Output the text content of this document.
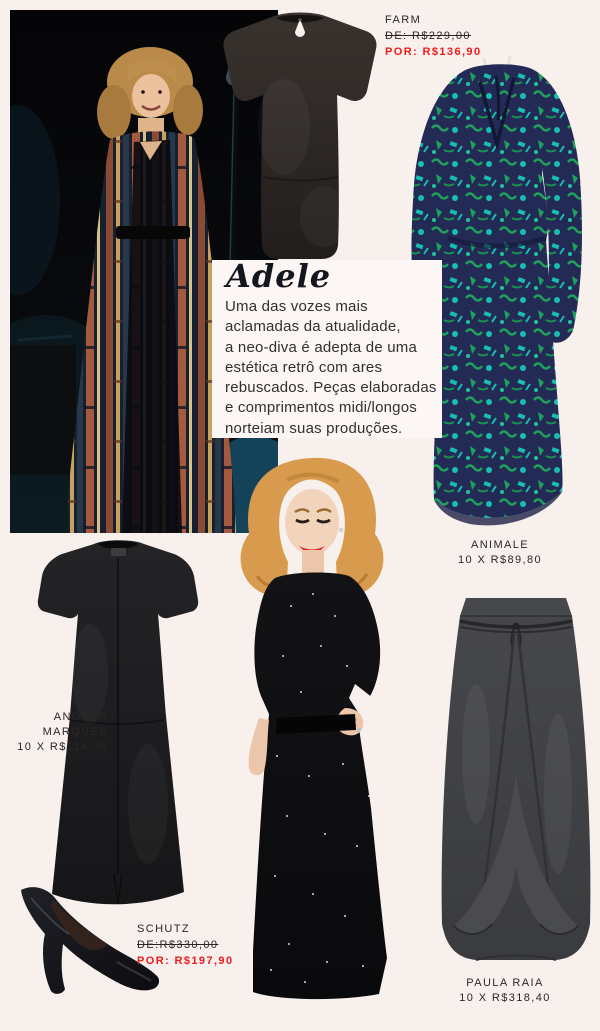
FARM
DE: R$229,00
POR: R$136,90
ANIMALE
10 X R$89,80
Adele
Uma das vozes mais
aclamadas da atualidade,
a neo-diva é adepta de uma
estética retrô com ares
rebuscados. Peças elaboradas
e comprimentos midi/longos
norteiam suas produções.
ANDREA MARQUES
10 X R$114,30
PAULA RAIA
10 X R$318,40
SCHUTZ
DE:R$330,00
POR: R$197,90
